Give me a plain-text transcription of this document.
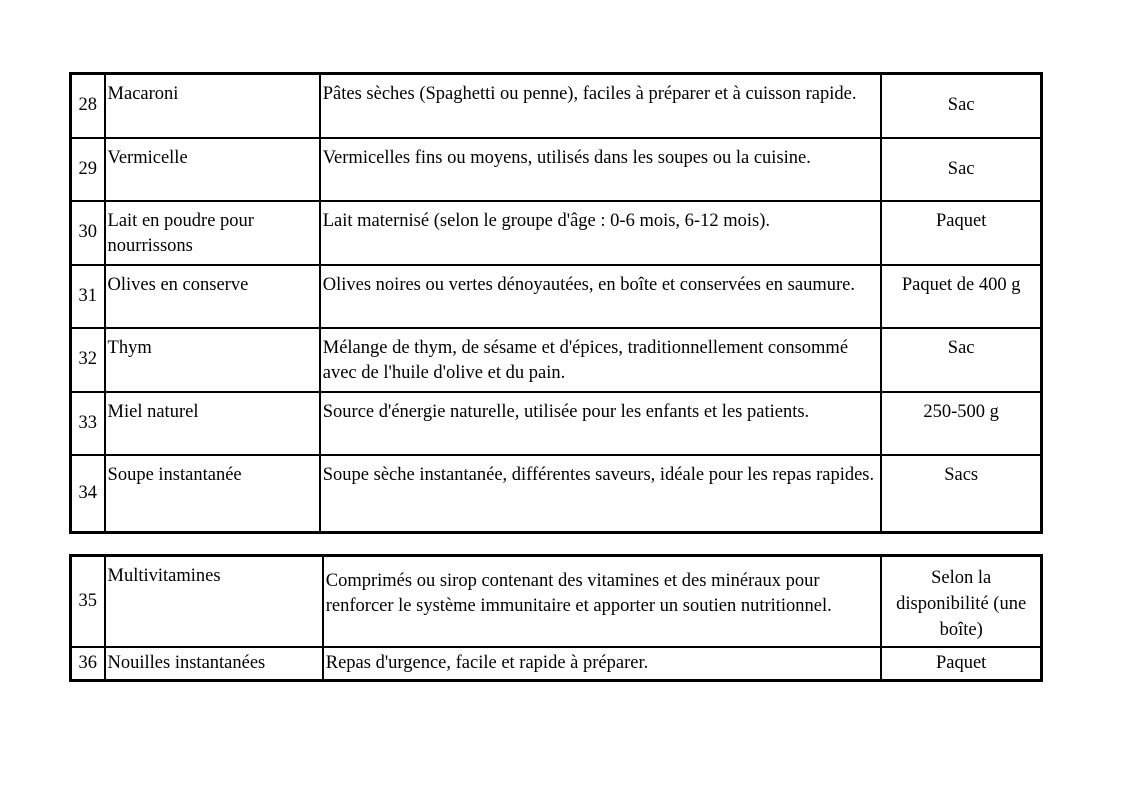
28	Macaroni	Pâtes sèches (Spaghetti ou penne), faciles à préparer et à cuisson rapide.	Sac
29	Vermicelle	Vermicelles fins ou moyens, utilisés dans les soupes ou la cuisine.	Sac
30	Lait en poudre pour nourrissons	Lait maternisé (selon le groupe d'âge : 0-6 mois, 6-12 mois).	Paquet
31	Olives en conserve	Olives noires ou vertes dénoyautées, en boîte et conservées en saumure.	Paquet de 400 g
32	Thym	Mélange de thym, de sésame et d'épices, traditionnellement consommé avec de l'huile d'olive et du pain.	Sac
33	Miel naturel	Source d'énergie naturelle, utilisée pour les enfants et les patients.	250-500 g
34	Soupe instantanée	Soupe sèche instantanée, différentes saveurs, idéale pour les repas rapides.	Sacs
35	Multivitamines	Comprimés ou sirop contenant des vitamines et des minéraux pour renforcer le système immunitaire et apporter un soutien nutritionnel.	Selon la disponibilité (une boîte)
36	Nouilles instantanées	Repas d'urgence, facile et rapide à préparer.	Paquet
